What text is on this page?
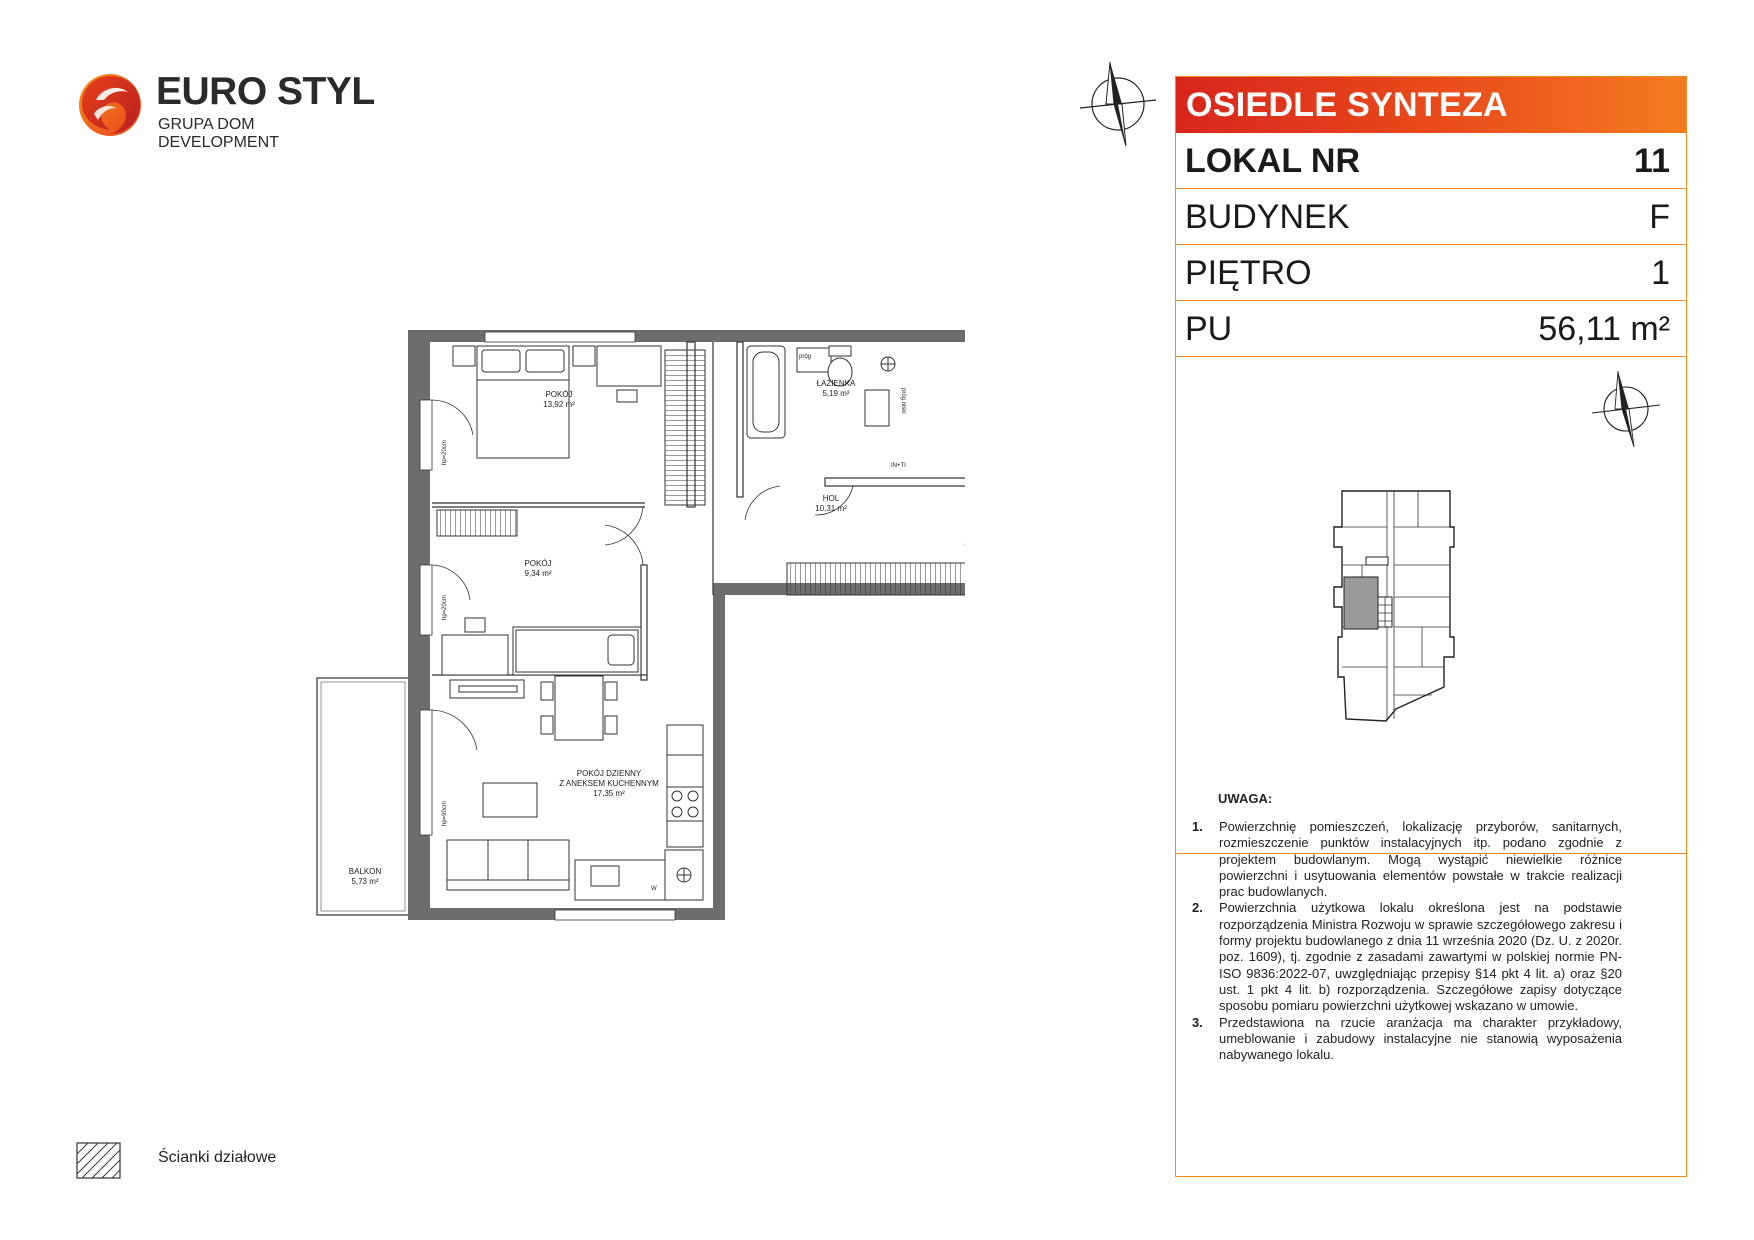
EURO STYL
GRUPA DOM DEVELOPMENT
POKÓJ
13,92 m²
ŁAZIENKA
5,19 m²
HOL
10,31 m²
POKÓJ
9,34 m²
POKÓJ DZIENNY
Z ANEKSEM KUCHENNYM
17,35 m²
BALKON
5,73 m²
hp=20cm
hp=20cm
hp=90cm
próg
próg niski
IN+TI
W
OSIEDLE SYNTEZA
LOKAL NR	11
BUDYNEK	F
PIĘTRO	1
PU	56,11 m²
UWAGA:
1. Powierzchnię pomieszczeń, lokalizację przyborów, sanitarnych, rozmieszczenie punktów instalacyjnych itp. podano zgodnie z projektem budowlanym. Mogą wystąpić niewielkie różnice powierzchni i usytuowania elementów powstałe w trakcie realizacji prac budowlanych.
2. Powierzchnia użytkowa lokalu określona jest na podstawie rozporządzenia Ministra Rozwoju w sprawie szczegółowego zakresu i formy projektu budowlanego z dnia 11 września 2020 (Dz. U. z 2020r. poz. 1609), tj. zgodnie z zasadami zawartymi w polskiej normie PN-ISO 9836:2022-07, uwzględniając przepisy §14 pkt 4 lit. a) oraz §20 ust. 1 pkt 4 lit. b) rozporządzenia. Szczegółowe zapisy dotyczące sposobu pomiaru powierzchni użytkowej wskazano w umowie.
3. Przedstawiona na rzucie aranżacja ma charakter przykładowy, umeblowanie i zabudowy instalacyjne nie stanowią wyposażenia nabywanego lokalu.
Ścianki działowe
